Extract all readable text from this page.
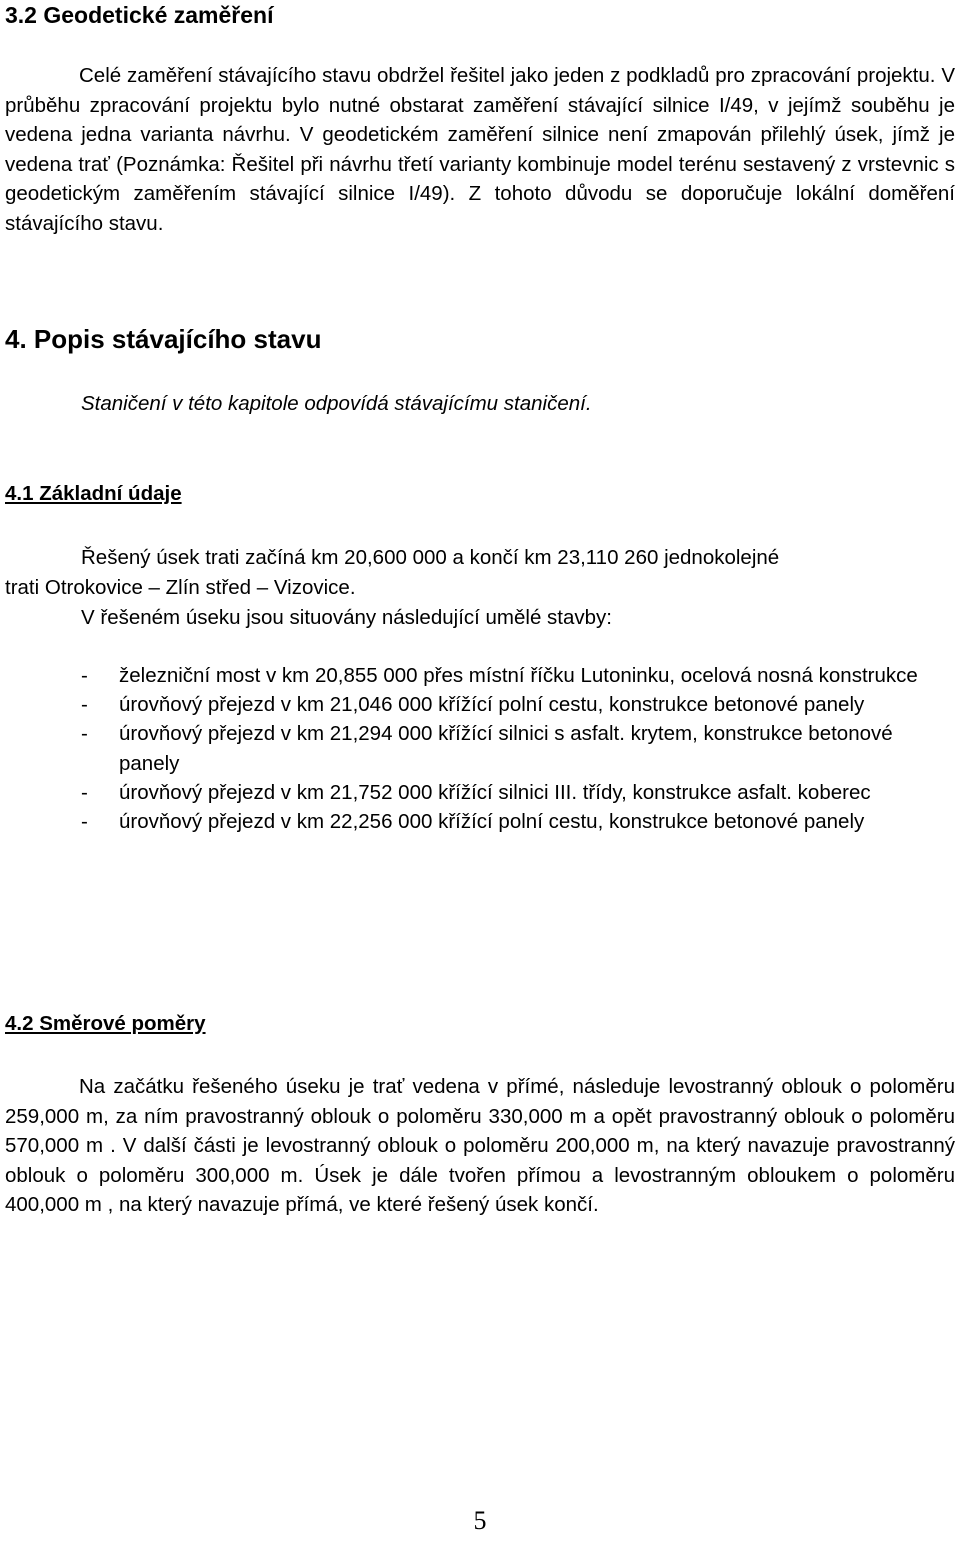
3.2 Geodetické zaměření

Celé zaměření stávajícího stavu obdržel řešitel jako jeden z podkladů pro zpracování projektu. V průběhu zpracování projektu bylo nutné obstarat zaměření stávající silnice I/49, v jejímž souběhu je vedena jedna varianta návrhu. V geodetickém zaměření silnice není zmapován přilehlý úsek, jímž je vedena trať (Poznámka: Řešitel při návrhu třetí varianty kombinuje model terénu sestavený z vrstevnic s geodetickým zaměřením stávající silnice I/49). Z tohoto důvodu se doporučuje lokální doměření stávajícího stavu.

4. Popis stávajícího stavu
Staničení v této kapitole odpovídá stávajícímu staničení.
4.1 Základní údaje
Řešený úsek trati začíná km 20,600 000 a končí km 23,110 260 jednokolejné
trati Otrokovice – Zlín střed – Vizovice.
V řešeném úseku jsou situovány následující umělé stavby:
- železniční most v km 20,855 000 přes místní říčku Lutoninku, ocelová nosná konstrukce
- úrovňový přejezd v km 21,046 000 křížící polní cestu, konstrukce betonové panely
- úrovňový přejezd v km 21,294 000 křížící silnici s asfalt. krytem, konstrukce betonové panely
- úrovňový přejezd v km 21,752 000 křížící silnici III. třídy, konstrukce asfalt. koberec
- úrovňový přejezd v km 22,256 000 křížící polní cestu, konstrukce betonové panely
4.2 Směrové poměry

Na začátku řešeného úseku je trať vedena v přímé, následuje levostranný oblouk o poloměru 259,000 m, za ním pravostranný oblouk o poloměru 330,000 m a opět pravostranný oblouk o poloměru 570,000 m . V další části je levostranný oblouk o poloměru 200,000 m, na který navazuje pravostranný oblouk o poloměru 300,000 m. Úsek je dále tvořen přímou a levostranným obloukem o poloměru 400,000 m , na který navazuje přímá, ve které řešený úsek končí.

5
